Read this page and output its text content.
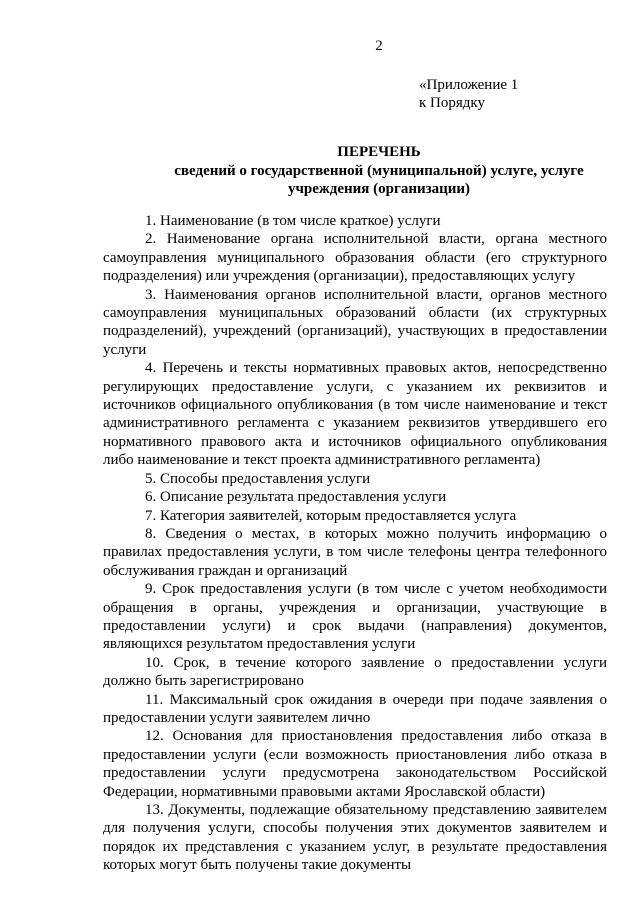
2
«Приложение 1
к Порядку
ПЕРЕЧЕНЬ
сведений о государственной (муниципальной) услуге, услуге
учреждения (организации)

1. Наименование (в том числе краткое) услуги

2. Наименование органа исполнительной власти, органа местного самоуправления муниципального образования области (его структурного подразделения) или учреждения (организации), предоставляющих услугу

3. Наименования органов исполнительной власти, органов местного самоуправления муниципальных образований области (их структурных подразделений), учреждений (организаций), участвующих в предоставлении услуги

4. Перечень и тексты нормативных правовых актов, непосредственно регулирующих предоставление услуги, с указанием их реквизитов и источников официального опубликования (в том числе наименование и текст административного регламента с указанием реквизитов утвердившего его нормативного правового акта и источников официального опубликования либо наименование и текст проекта административного регламента)

5. Способы предоставления услуги

6. Описание результата предоставления услуги

7. Категория заявителей, которым предоставляется услуга

8. Сведения о местах, в которых можно получить информацию о правилах предоставления услуги, в том числе телефоны центра телефонного обслуживания граждан и организаций

9. Срок предоставления услуги (в том числе с учетом необходимости обращения в органы, учреждения и организации, участвующие в предоставлении услуги) и срок выдачи (направления) документов, являющихся результатом предоставления услуги

10. Срок, в течение которого заявление о предоставлении услуги должно быть зарегистрировано

11. Максимальный срок ожидания в очереди при подаче заявления о предоставлении услуги заявителем лично

12. Основания для приостановления предоставления либо отказа в предоставлении услуги (если возможность приостановления либо отказа в предоставлении услуги предусмотрена законодательством Российской Федерации, нормативными правовыми актами Ярославской области)

13. Документы, подлежащие обязательному представлению заявителем для получения услуги, способы получения этих документов заявителем и порядок их представления с указанием услуг, в результате предоставления которых могут быть получены такие документы
